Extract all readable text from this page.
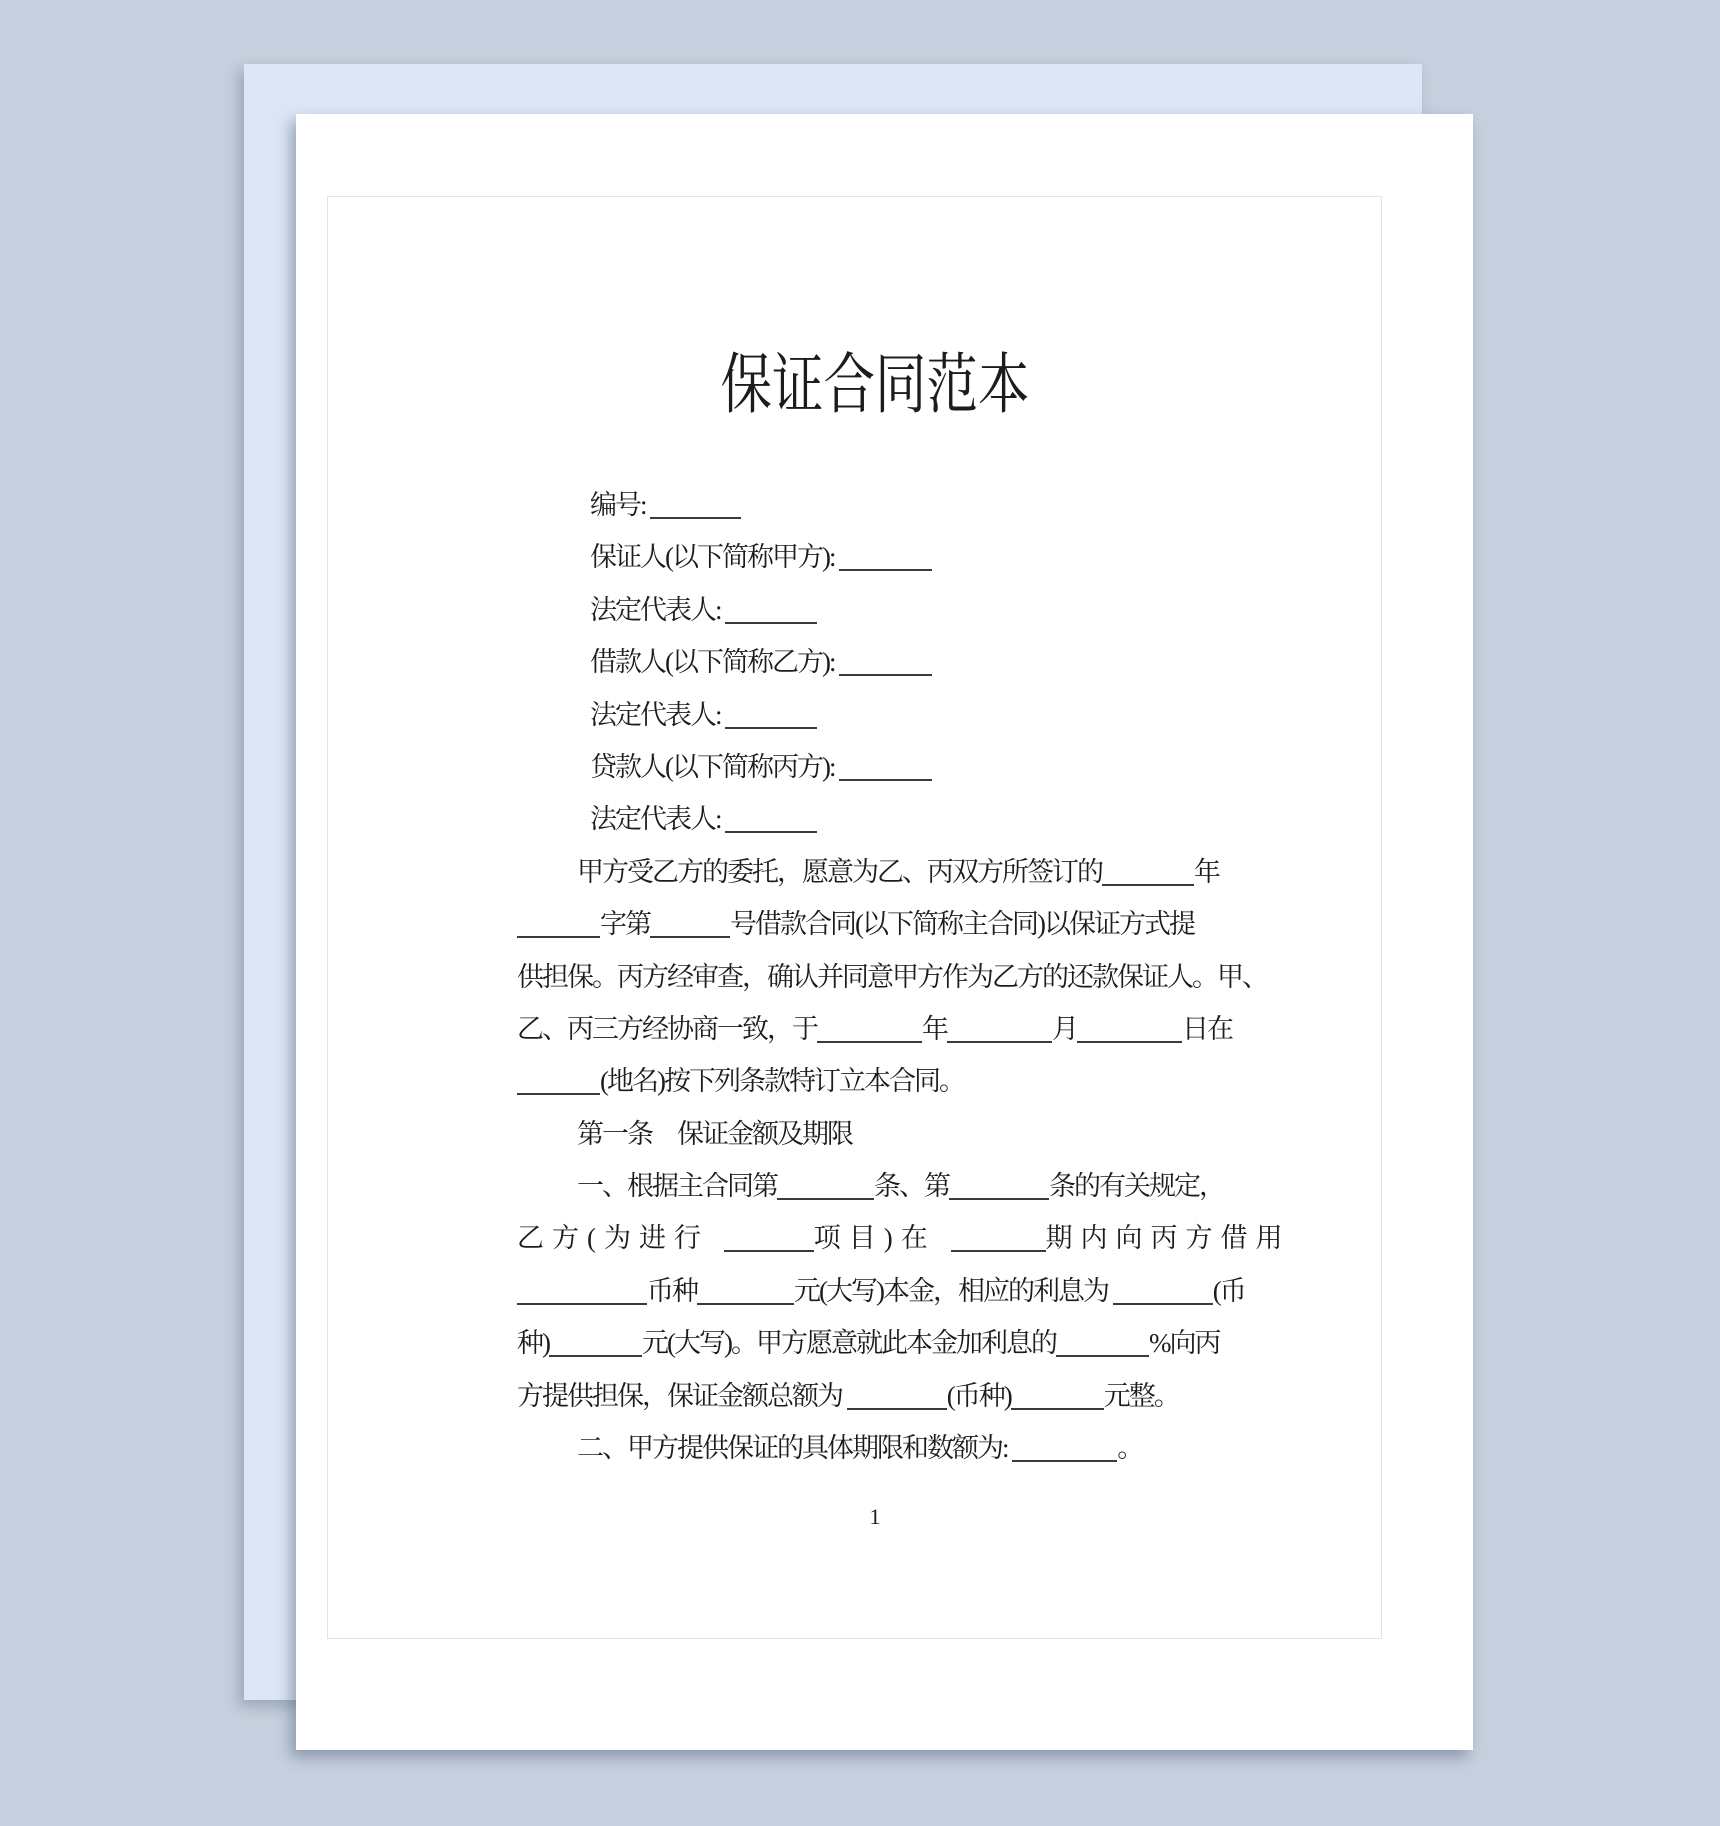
保证合同范本
编号:
保证人(以下简称甲方):
法定代表人:
借款人(以下简称乙方):
法定代表人:
贷款人(以下简称丙方):
法定代表人:
甲方受乙方的委托，愿意为乙、丙双方所签订的	年
字第	号借款合同(以下简称主合同)以保证方式提
供担保。丙方经审查，确认并同意甲方作为乙方的还款保证人。甲、
乙、丙三方经协商一致，于	年	月	日在
(地名)按下列条款特订立本合同。
第一条　保证金额及期限
一、根据主合同第	条、第	条的有关规定，
乙方(为进行	项目)在	期内向丙方借用
币种	元(大写)本金，相应的利息为	(币
种)	元(大写)。甲方愿意就此本金加利息的	%向丙
方提供担保，保证金额总额为	(币种)	元整。
二、甲方提供保证的具体期限和数额为:	。
1
